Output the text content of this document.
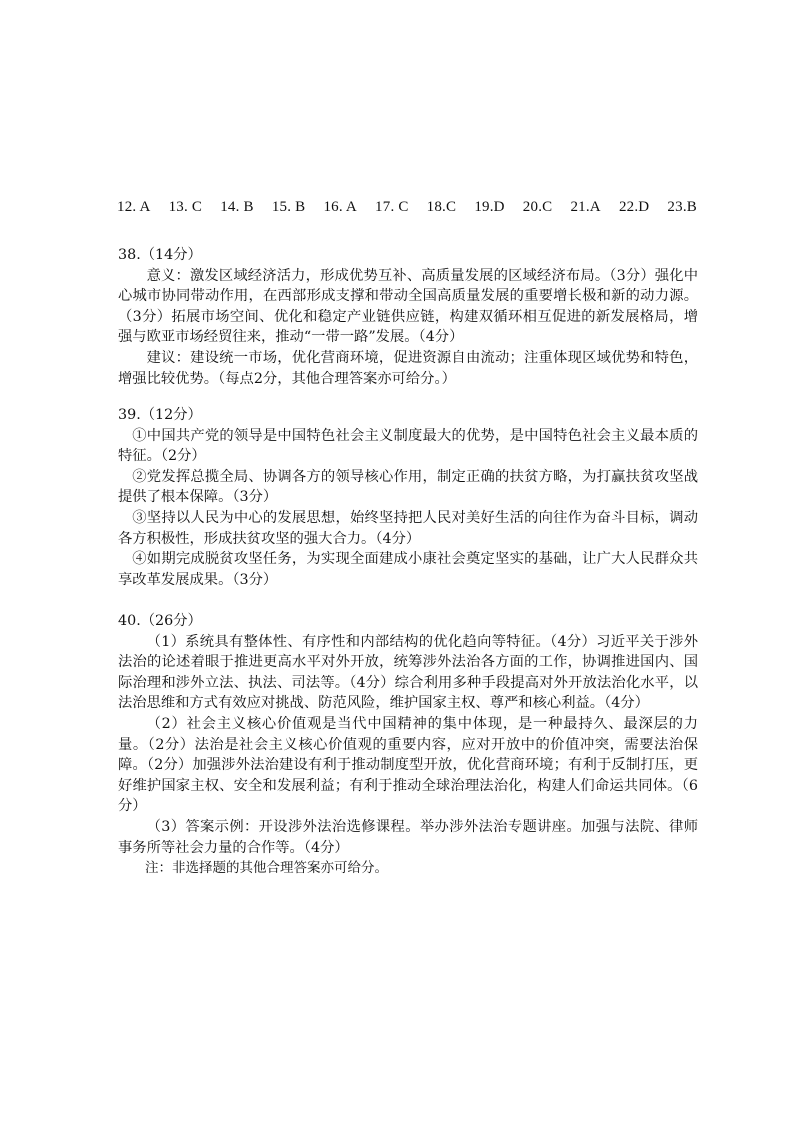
12. A 13. C 14. B 15. B 16. A 17. C 18.C 19.D 20.C 21.A 22.D 23.B

38.（14分）

意义：激发区域经济活力，形成优势互补、高质量发展的区域经济布局。（3分）强化中心城市协同带动作用，在西部形成支撑和带动全国高质量发展的重要增长极和新的动力源。（3分）拓展市场空间、优化和稳定产业链供应链，构建双循环相互促进的新发展格局，增强与欧亚市场经贸往来，推动“一带一路”发展。（4分）

建议：建设统一市场，优化营商环境，促进资源自由流动；注重体现区域优势和特色，增强比较优势。（每点2分，其他合理答案亦可给分。）

39.（12分）

①中国共产党的领导是中国特色社会主义制度最大的优势，是中国特色社会主义最本质的特征。（2分）

②党发挥总揽全局、协调各方的领导核心作用，制定正确的扶贫方略，为打赢扶贫攻坚战提供了根本保障。（3分）

③坚持以人民为中心的发展思想，始终坚持把人民对美好生活的向往作为奋斗目标，调动各方积极性，形成扶贫攻坚的强大合力。（4分）

④如期完成脱贫攻坚任务，为实现全面建成小康社会奠定坚实的基础，让广大人民群众共享改革发展成果。（3分）

40.（26分）

（1）系统具有整体性、有序性和内部结构的优化趋向等特征。（4分）习近平关于涉外法治的论述着眼于推进更高水平对外开放，统筹涉外法治各方面的工作，协调推进国内、国际治理和涉外立法、执法、司法等。（4分）综合利用多种手段提高对外开放法治化水平，以法治思维和方式有效应对挑战、防范风险，维护国家主权、尊严和核心利益。（4分）

（2）社会主义核心价值观是当代中国精神的集中体现，是一种最持久、最深层的力量。（2分）法治是社会主义核心价值观的重要内容，应对开放中的价值冲突，需要法治保障。（2分）加强涉外法治建设有利于推动制度型开放，优化营商环境；有利于反制打压，更好维护国家主权、安全和发展利益；有利于推动全球治理法治化，构建人们命运共同体。（6分）

（3）答案示例：开设涉外法治选修课程。举办涉外法治专题讲座。加强与法院、律师事务所等社会力量的合作等。（4分）

注：非选择题的其他合理答案亦可给分。
